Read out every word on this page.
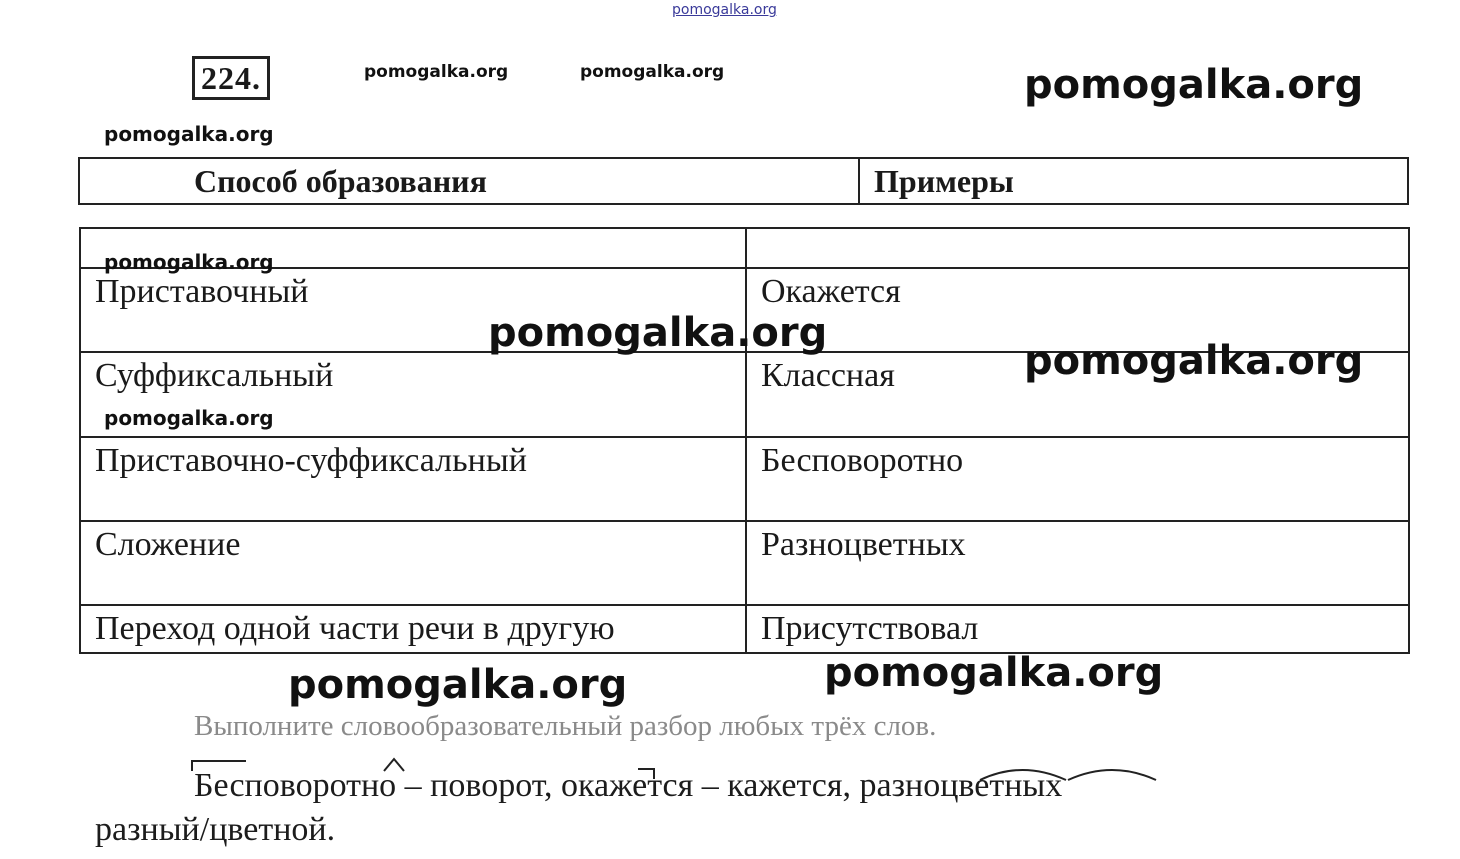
pomogalka.org
224.	pomogalka.org	pomogalka.org	pomogalka.org
pomogalka.org
Способ образования	Примеры

Приставочный	Окажется
Суффиксальный	Классная
Приставочно-суффиксальный	Бесповоротно
Сложение	Разноцветных
Переход одной части речи в другую	Присутствовал
pomogalka.org
pomogalka.org
pomogalka.org
pomogalka.org
pomogalka.org	pomogalka.org
Выполните словообразовательный разбор любых трёх слов.
Бесповоротно – поворот, окажется – кажется, разноцветных
разный/цветной.
